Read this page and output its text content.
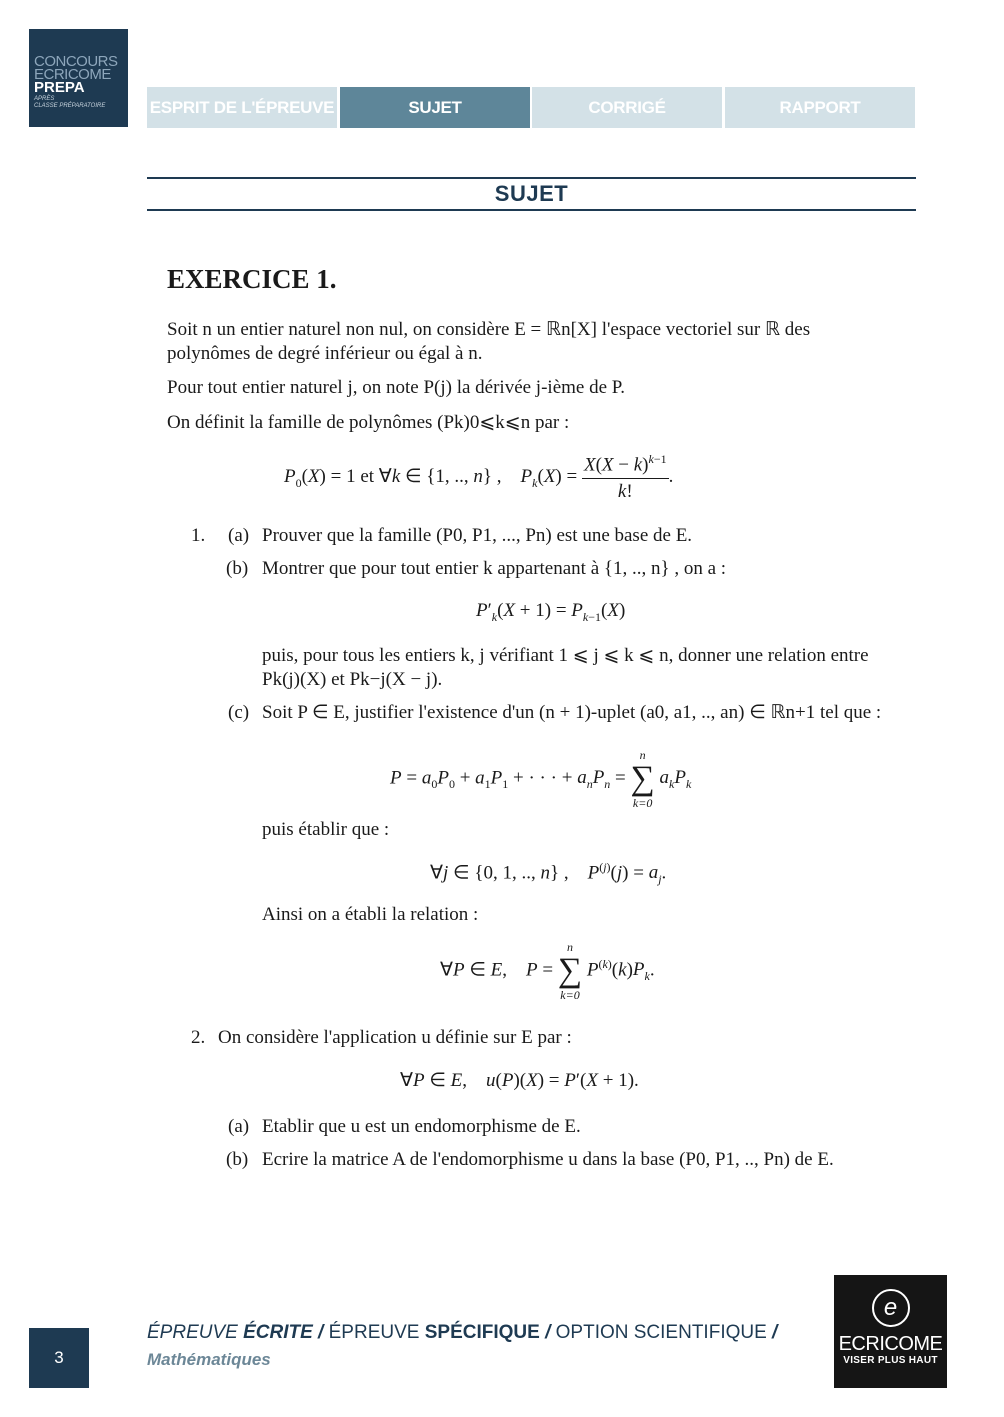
CONCOURS
ECRICOME
PREPA
APRÈS
CLASSE PRÉPARATOIRE	ESPRIT DE L'ÉPREUVE	SUJET	CORRIGÉ	RAPPORT
SUJET
EXERCICE 1.
Soit n un entier naturel non nul, on considère E = ℝn[X] l'espace vectoriel sur ℝ des polynômes de degré inférieur ou égal à n.
Pour tout entier naturel j, on note P(j) la dérivée j-ième de P.
On définit la famille de polynômes (Pk)0⩽k⩽n par :
$P_0(X) = 1$ et ∀k ∈ {1, .., n} ,    $P_k(X) = \frac{X(X - k)^{k-1}}{k!}$ .
1. (a) Prouver que la famille (P0, P1, ..., Pn) est une base de E.
(b) Montrer que pour tout entier k appartenant à {1, .., n} , on a :
$P'_k(X + 1) = P_{k-1}(X)$
puis, pour tous les entiers k, j vérifiant 1 ⩽ j ⩽ k ⩽ n, donner une relation entre Pk(j)(X) et Pk−j(X − j).
(c) Soit P ∈ E, justifier l'existence d'un (n + 1)-uplet (a0, a1, .., an) ∈ ℝn+1 tel que :
$P = a_0P_0 + a_1P_1$ + · · · + $a_nP_n$ =
n
∑
k=0
$a_kP_k$
puis établir que :
∀j ∈ {0, 1, .., n} ,    $P^{(j)}(j) = a_j$.
Ainsi on a établi la relation :
∀P ∈ E,    P =
n
∑
k=0
$P^{(k)}(k)P_k$.
2. On considère l'application u définie sur E par :
∀P ∈ E,    u(P)(X) = P′(X + 1).
(a) Etablir que u est un endomorphisme de E.
(b) Ecrire la matrice A de l'endomorphisme u dans la base (P0, P1, .., Pn) de E.
3
ÉPREUVE ÉCRITE / ÉPREUVE SPÉCIFIQUE / OPTION SCIENTIFIQUE /
Mathématiques
e
ECRICOME
VISER PLUS HAUT
